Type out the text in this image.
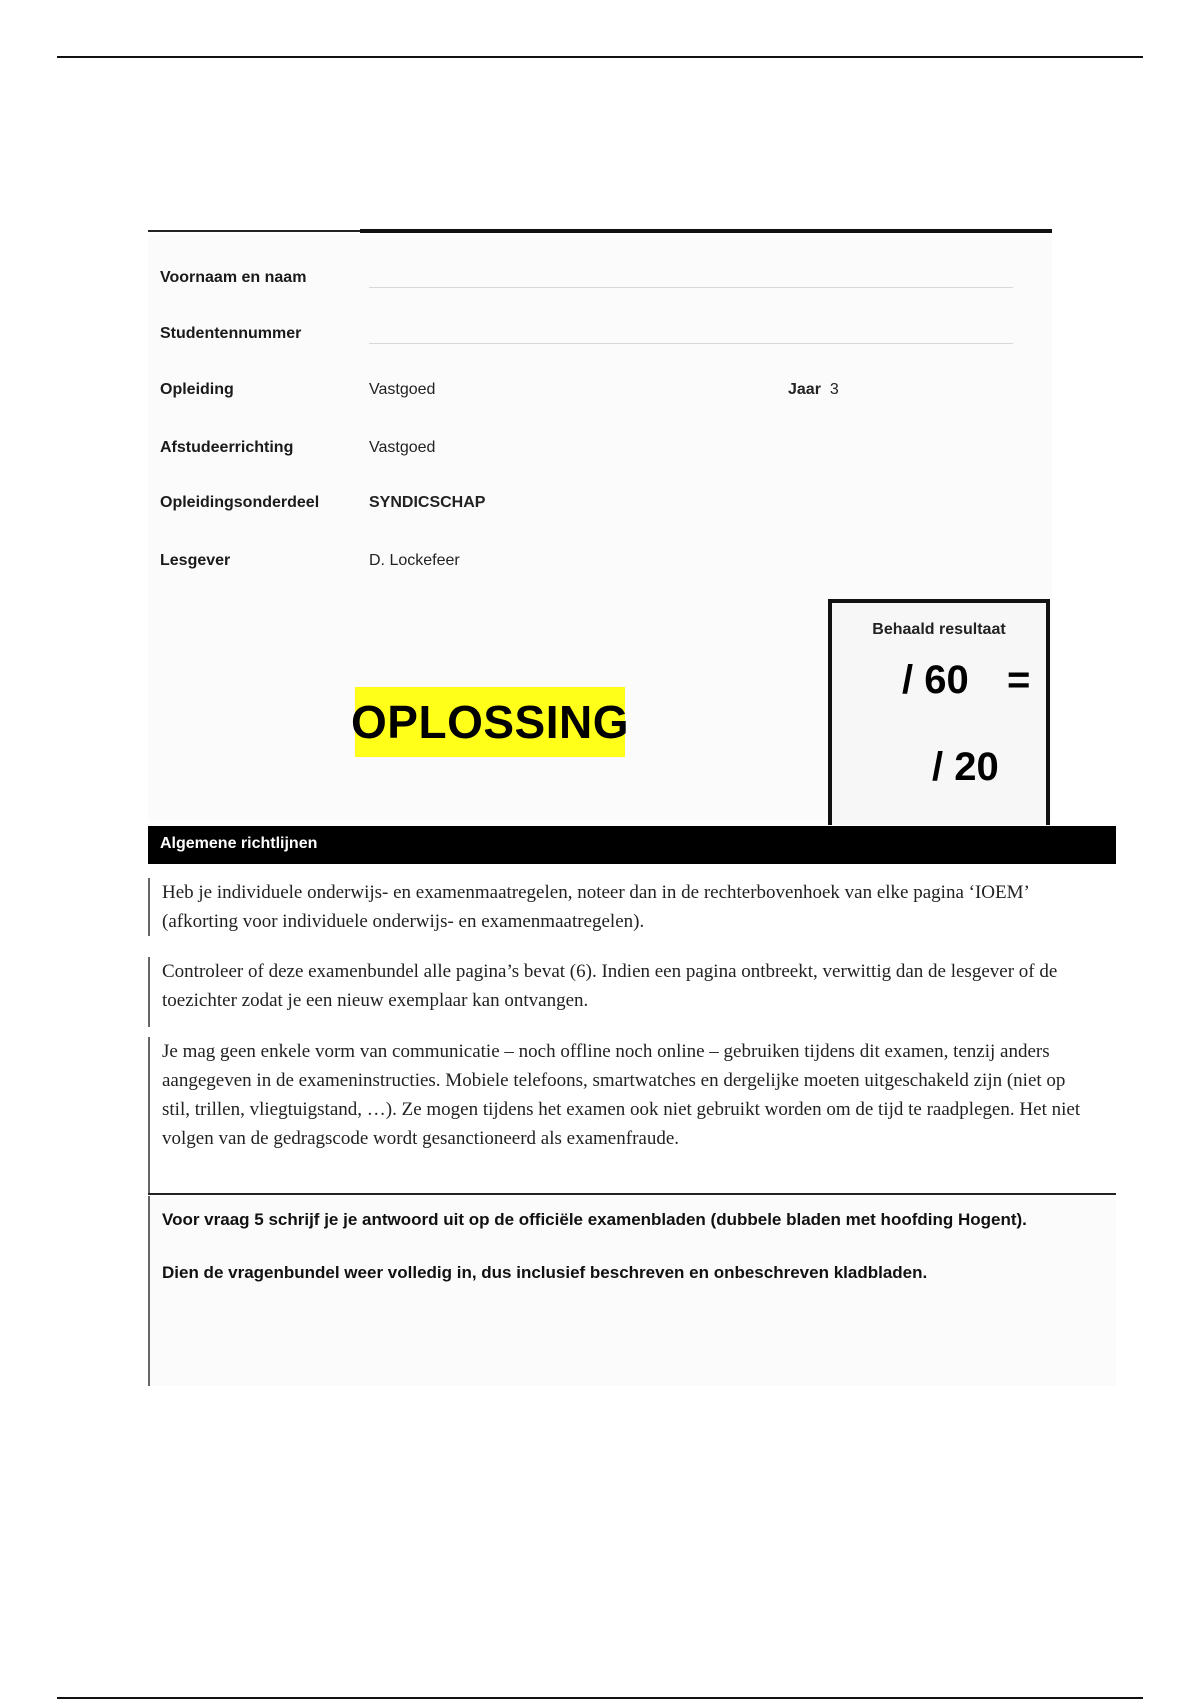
Voornaam en naam
Studentennummer
Opleiding	Vastgoed	Jaar 3
Afstudeerrichting	Vastgoed
Opleidingsonderdeel	SYNDICSCHAP
Lesgever	D. Lockefeer
OPLOSSING
Behaald resultaat
/ 60 =
/ 20
Algemene richtlijnen
Heb je individuele onderwijs- en examenmaatregelen, noteer dan in de rechterbovenhoek van elke pagina ‘IOEM’ (afkorting voor individuele onderwijs- en examenmaatregelen).
Controleer of deze examenbundel alle pagina’s bevat (6). Indien een pagina ontbreekt, verwittig dan de lesgever of de toezichter zodat je een nieuw exemplaar kan ontvangen.
Je mag geen enkele vorm van communicatie – noch offline noch online – gebruiken tijdens dit examen, tenzij anders aangegeven in de exameninstructies. Mobiele telefoons, smartwatches en dergelijke moeten uitgeschakeld zijn (niet op stil, trillen, vliegtuigstand, …). Ze mogen tijdens het examen ook niet gebruikt worden om de tijd te raadplegen. Het niet volgen van de gedragscode wordt gesanctioneerd als examenfraude.

Voor vraag 5 schrijf je je antwoord uit op de officiële examenbladen (dubbele bladen met hoofding Hogent).

Dien de vragenbundel weer volledig in, dus inclusief beschreven en onbeschreven kladbladen.
